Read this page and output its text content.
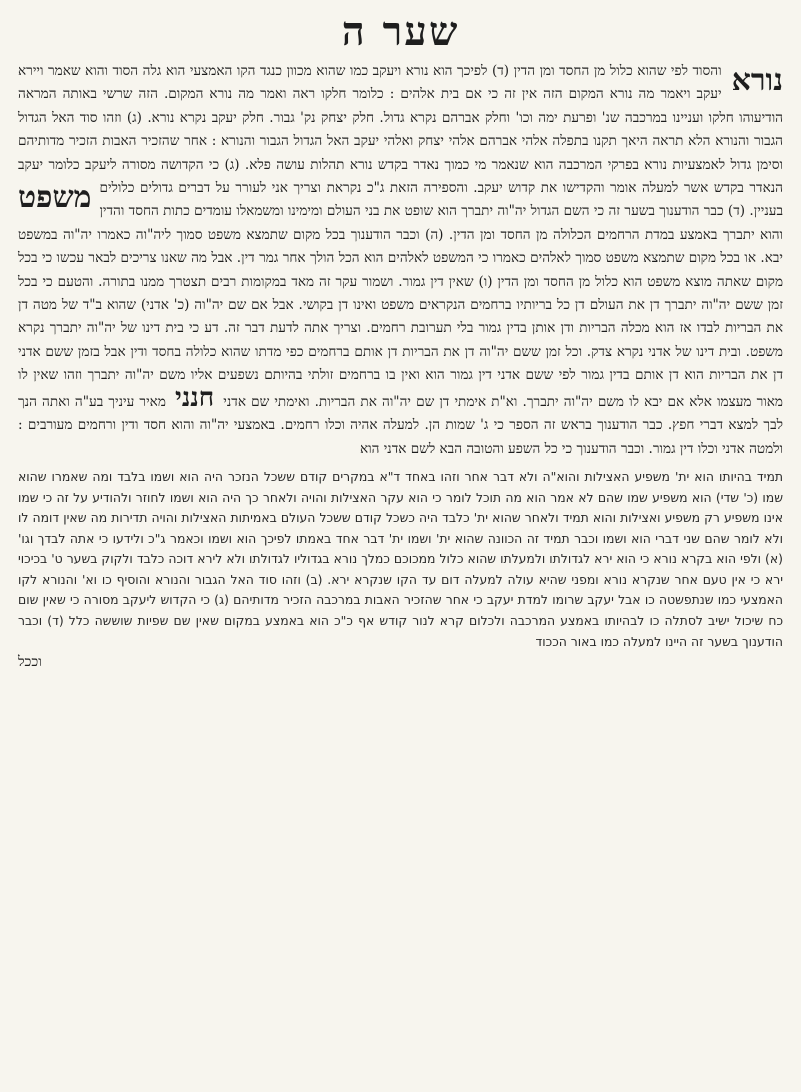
שער ה

נורא
והסוד לפי שהוא כלול מן החסד ומן הדין (ד) לפיכך הוא נורא ויעקב כמו שהוא מכוון כנגד הקו האמצעי הוא גלה הסוד והוא שאמר ויירא יעקב ויאמר מה נורא המקום הזה אין זה כי אם בית אלהים : כלומר חלקו ראה ואמר מה נורא המקום. הזה שרשי באותה המראה הודיעוהו חלקו ועניינו במרכבה שנ' ופרעת ימה וכו' וחלק אברהם נקרא גדול. חלק יצחק נק' גבור. חלק יעקב נקרא נורא. (ג) וזהו סוד האל הגדול הגבור והנורא הלא תראה היאך תקנו בתפלה אלהי אברהם אלהי יצחק ואלהי יעקב האל הגדול הגבור והנורא : אחר שהזכיר האבות הזכיר מדותיהם וסימן גדול לאמצעיות נורא בפרקי המרכבה הוא שנאמר מי כמוך נאדר בקדש נורא תהלות עושה פלא. (ג) כי הקדושה מסורה ליעקב כלומר יעקב הנאדר בקדש אשר למעלה אומר והקדישו את קדוש יעקב. והספירה הזאת ג"כ נקראת
משפט וצריך אני לעורר על דברים גדולים כלולים בעניין. (ד) כבר הודענוך בשער זה כי השם הגדול יה"וה יתברך הוא שופט את בני העולם ומימינו ומשמאלו עומדים כתות החסד והדין והוא יתברך באמצע במדת הרחמים הכלולה מן החסד ומן הדין. (ה) וכבר הודענוך בכל מקום שתמצא משפט סמוך ליה"וה כאמרו יה"וה במשפט יבא. או בכל מקום שתמצא משפט סמוך לאלהים כאמרו כי המשפט לאלהים הוא הכל הולך אחר גמר דין. אבל מה שאנו צריכים לבאר עכשו כי בכל מקום שאתה מוצא משפט הוא כלול מן החסד ומן הדין (ו) שאין דין גמור. ושמור עקר זה מאד במקומות רבים תצטרך ממנו בתורה. והטעם כי בכל זמן ששם יה"וה יתברך דן את העולם דן כל בריותיו ברחמים הנקראים משפט ואינו דן בקושי. אבל אם שם יה"וה (כ' אדני) שהוא ב"ד של מטה דן את הבריות לבדו אז הוא מכלה הבריות ודן אותן בדין גמור בלי תערובת רחמים. וצריך אתה לדעת דבר זה. דע כי בית דינו של יה"וה יתברך נקרא משפט. ובית דינו של אדני נקרא צדק. וכל זמן ששם יה"וה דן את הבריות דן אותם ברחמים כפי מדתו שהוא כלולה בחסד ודין אבל בזמן ששם אדני דן את הבריות הוא דן אותם בדין גמור לפי ששם אדני דין גמור הוא ואין בו ברחמים זולתי בהיותם נשפעים אליו משם יה"וה יתברך וזהו שאין לו מאור מעצמו אלא אם יבא לו משם יה"וה יתברך. וא"ת אימתי דן שם יה"וה את הבריות. ואימתי שם אדני חנני מאיר עיניך בע"ה ואתה הנך לבך למצא דברי חפץ. כבר הודענוך בראש זה הספר כי ג' שמות הן. למעלה אהיה וכלו רחמים. באמצעי יה"וה והוא חסד ודין ורחמים מעורבים : ולמטה אדני וכלו דין גמור. וכבר הודענוך כי כל השפע והטובה הבא לשם אדני הוא

תמיד בהיותו הוא ית' משפיע האצילות והוא"ה ולא דבר אחר וזהו באחד ד"א במקרים קודם ששכל הנזכר היה הוא ושמו בלבד ומה שאמרו שהוא שמו (כ' שדי) הוא משפיע שמו שהם לא אמר הוא מה תוכל לומר כי הוא עקר האצילות והויה ולאחר כך היה הוא ושמו לחוזר ולהודיע על זה כי שמו אינו משפיע רק משפיע ואצילות והוא תמיד ולאחר שהוא ית' כלבד היה כשכל קודם ששכל העולם באמיתות האצילות והויה תדירות מה שאין דומה לו ולא לומר שהם שני דברי הוא ושמו וכבר תמיד זה הכוונה שהוא ית' ושמו ית' דבר אחד באמתו לפיכך הוא ושמו וכאמר ג"כ ולידעו כי אתה לבדך וגו' (א) ולפי הוא בקרא נורא כי הוא ירא לגדולתו ולמעלתו שהוא כלול ממכוכם כמלך נורא בגדוליו לגדולתו ולא לירא דוכה כלבד ולקוק בשער ט' בכיכוי ירא כי אין טעם אחר שנקרא נורא ומפני שהיא עולה למעלה דום עד הקו שנקרא ירא. (ב) וזהו סוד האל הגבור והנורא והוסיף כו וא' והנורא לקו האמצעי כמו שנתפשטה כו אבל יעקב שרומו למדת יעקב כי אחר שהזכיר האבות במרכבה הזכיר מדותיהם (ג) כי הקדוש ליעקב מסורה כי שאין שום כח שיכול ישיב לסתלה כו לבהיותו באמצע המרכבה ולכלום קרא לנור קודש אף כ"כ הוא באמצע במקום שאין שם שפיות שוששה כלל (ד) וכבר הודענוך בשער זה היינו למעלה כמו באור הככוד

וככל
